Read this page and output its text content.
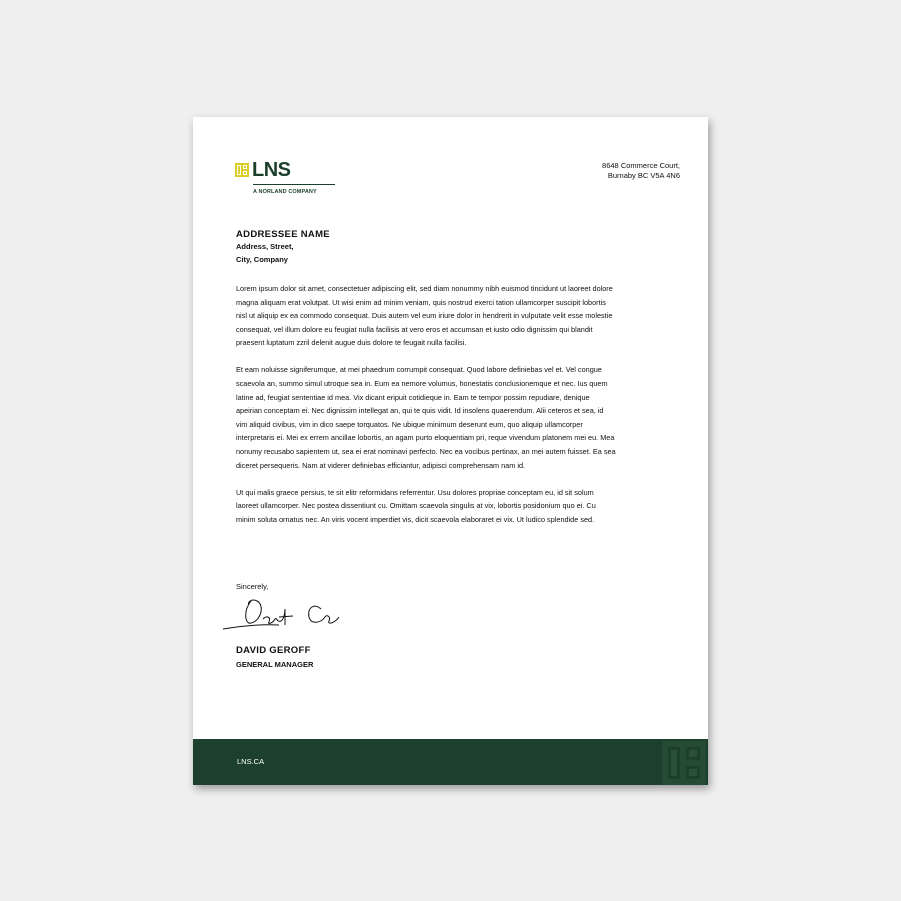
LNS
A NORLAND COMPANY
8648 Commerce Court,
Burnaby BC V5A 4N6
ADDRESSEE NAME
Address, Street,
City, Company

Lorem ipsum dolor sit amet, consectetuer adipiscing elit, sed diam nonummy nibh euismod tincidunt ut laoreet dolore magna aliquam erat volutpat. Ut wisi enim ad minim veniam, quis nostrud exerci tation ullamcorper suscipit lobortis nisl ut aliquip ex ea commodo consequat. Duis autem vel eum iriure dolor in hendrerit in vulputate velit esse molestie consequat, vel illum dolore eu feugiat nulla facilisis at vero eros et accumsan et iusto odio dignissim qui blandit praesent luptatum zzril delenit augue duis dolore te feugait nulla facilisi.

Et eam noluisse signiferumque, at mei phaedrum corrumpit consequat. Quod labore definiebas vel et. Vel congue scaevola an, summo simul utroque sea in. Eum ea nemore volumus, honestatis conclusionemque et nec. Ius quem latine ad, feugiat sententiae id mea. Vix dicant eripuit cotidieque in. Eam te tempor possim repudiare, denique apeirian conceptam ei. Nec dignissim intellegat an, qui te quis vidit. Id insolens quaerendum. Alii ceteros et sea, id vim aliquid civibus, vim in dico saepe torquatos. Ne ubique minimum deserunt eum, quo aliquip ullamcorper interpretaris ei. Mei ex errem ancillae lobortis, an agam purto eloquentiam pri, reque vivendum platonem mei eu. Mea nonumy recusabo sapientem ut, sea ei erat nominavi perfecto. Nec ea vocibus pertinax, an mei autem fuisset. Ea sea diceret persequeris. Nam at viderer definiebas efficiantur, adipisci comprehensam nam id.

Ut qui malis graece persius, te sit elitr reformidans referrentur. Usu dolores propriae conceptam eu, id sit solum laoreet ullamcorper. Nec postea dissentiunt cu. Omittam scaevola singulis at vix, lobortis posidonium quo ei. Cu minim soluta ornatus nec. An viris vocent imperdiet vis, dicit scaevola elaboraret ei vix. Ut ludico splendide sed.

Sincerely,
DAVID GEROFF
GENERAL MANAGER
LNS.CA
